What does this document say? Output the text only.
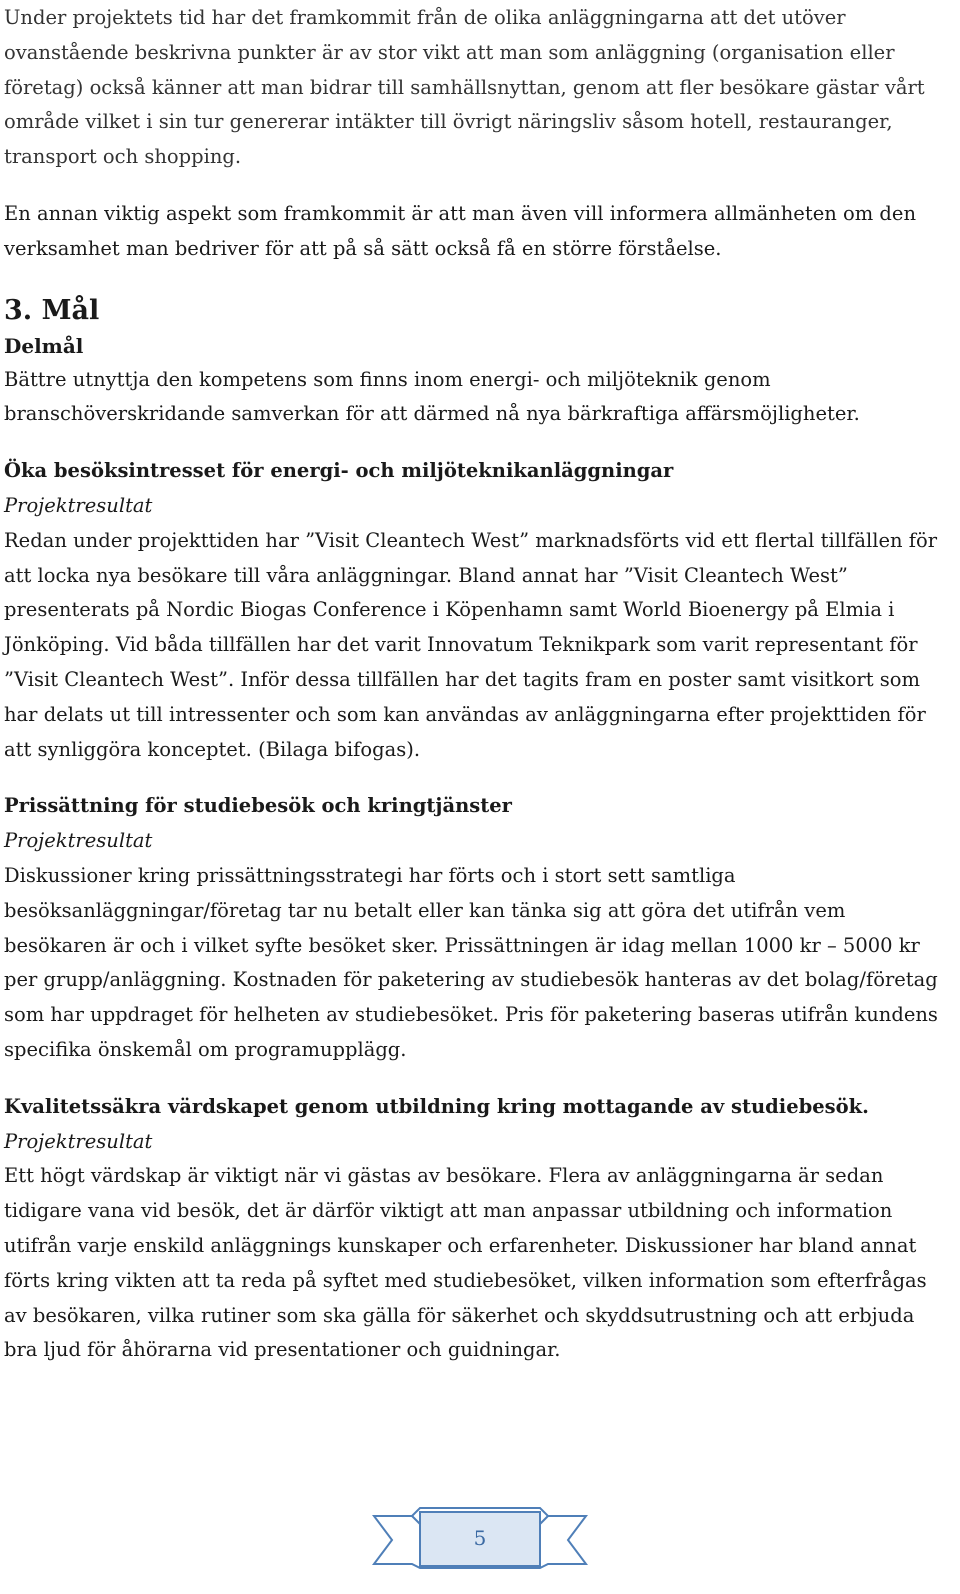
Under projektets tid har det framkommit från de olika anläggningarna att det utöver ovanstående beskrivna punkter är av stor vikt att man som anläggning (organisation eller företag) också känner att man bidrar till samhällsnyttan, genom att fler besökare gästar vårt område vilket i sin tur genererar intäkter till övrigt näringsliv såsom hotell, restauranger, transport och shopping.

En annan viktig aspekt som framkommit är att man även vill informera allmänheten om den verksamhet man bedriver för att på så sätt också få en större förståelse.

3. Mål
Delmål

Bättre utnyttja den kompetens som finns inom energi- och miljöteknik genom branschöverskridande samverkan för att därmed nå nya bärkraftiga affärsmöjligheter.

Öka besöksintresset för energi- och miljöteknikanläggningar
Projektresultat

Redan under projekttiden har ”Visit Cleantech West” marknadsförts vid ett flertal tillfällen för att locka nya besökare till våra anläggningar. Bland annat har ”Visit Cleantech West” presenterats på Nordic Biogas Conference i Köpenhamn samt World Bioenergy på Elmia i Jönköping. Vid båda tillfällen har det varit Innovatum Teknikpark som varit representant för ”Visit Cleantech West”. Inför dessa tillfällen har det tagits fram en poster samt visitkort som har delats ut till intressenter och som kan användas av anläggningarna efter projekttiden för att synliggöra konceptet. (Bilaga bifogas).

Prissättning för studiebesök och kringtjänster
Projektresultat

Diskussioner kring prissättningsstrategi har förts och i stort sett samtliga besöksanläggningar/företag tar nu betalt eller kan tänka sig att göra det utifrån vem besökaren är och i vilket syfte besöket sker. Prissättningen är idag mellan 1000 kr – 5000 kr per grupp/anläggning. Kostnaden för paketering av studiebesök hanteras av det bolag/företag som har uppdraget för helheten av studiebesöket. Pris för paketering baseras utifrån kundens specifika önskemål om programupplägg.

Kvalitetssäkra värdskapet genom utbildning kring mottagande av studiebesök.
Projektresultat

Ett högt värdskap är viktigt när vi gästas av besökare. Flera av anläggningarna är sedan tidigare vana vid besök, det är därför viktigt att man anpassar utbildning och information utifrån varje enskild anläggnings kunskaper och erfarenheter. Diskussioner har bland annat förts kring vikten att ta reda på syftet med studiebesöket, vilken information som efterfrågas av besökaren, vilka rutiner som ska gälla för säkerhet och skyddsutrustning och att erbjuda bra ljud för åhörarna vid presentationer och guidningar.

5
